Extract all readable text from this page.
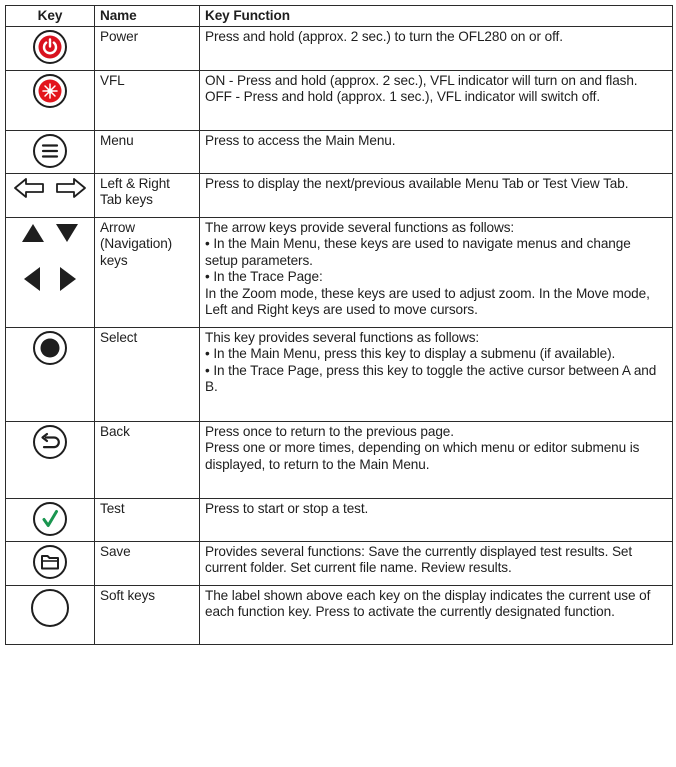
Key	Name	Key Function

	Power	Press and hold (approx. 2 sec.) to turn the OFL280 on or off.

	VFL	ON - Press and hold (approx. 2 sec.), VFL indicator will turn on and flash.

OFF - Press and hold (approx. 1 sec.), VFL indicator will switch off.

	Menu	Press to access the Main Menu.

	Left & Right Tab keys	Press to display the next/previous available Menu Tab or Test View Tab.

	Arrow (Navigation) keys	The arrow keys provide several functions as follows:

• In the Main Menu, these keys are used to navigate menus and change setup parameters.

• In the Trace Page:

In the Zoom mode, these keys are used to adjust zoom. In the Move mode, Left and Right keys are used to move cursors.

	Select	This key provides several functions as follows:

• In the Main Menu, press this key to display a submenu (if available).

• In the Trace Page, press this key to toggle the active cursor between A and B.

	Back	Press once to return to the previous page.

Press one or more times, depending on which menu or editor submenu is displayed, to return to the Main Menu.

	Test	Press to start or stop a test.

	Save	Provides several functions: Save the currently displayed test results. Set current folder. Set current file name. Review results.

	Soft keys	The label shown above each key on the display indicates the current use of each function key. Press to activate the currently designated function.
